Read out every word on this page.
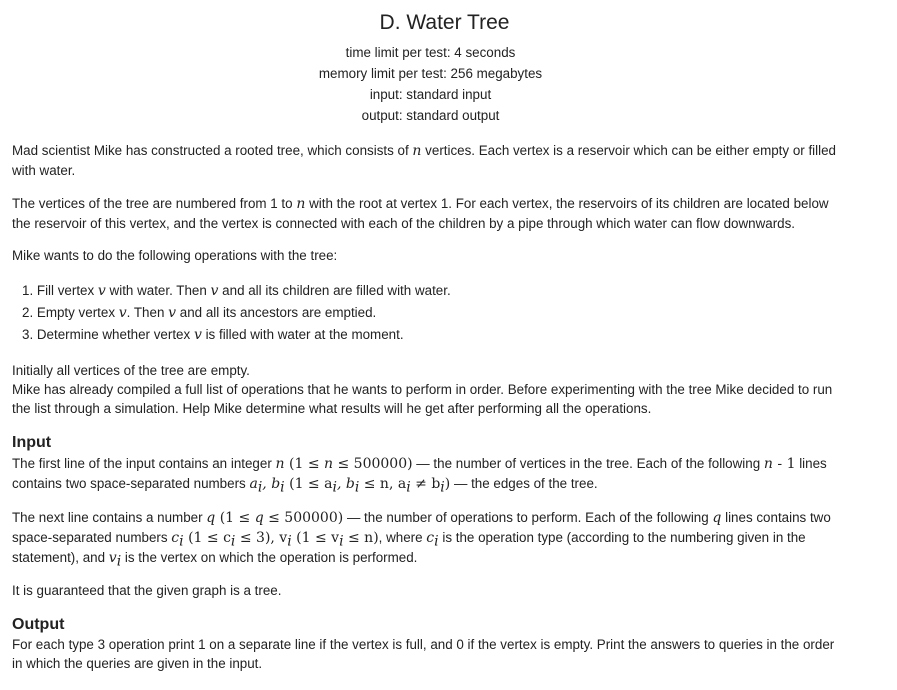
D. Water Tree
time limit per test: 4 seconds
memory limit per test: 256 megabytes
input: standard input
output: standard output
Mad scientist Mike has constructed a rooted tree, which consists of n vertices. Each vertex is a reservoir which can be either empty or filled
with water.
The vertices of the tree are numbered from 1 to n with the root at vertex 1. For each vertex, the reservoirs of its children are located below
the reservoir of this vertex, and the vertex is connected with each of the children by a pipe through which water can flow downwards.
Mike wants to do the following operations with the tree:
1. Fill vertex v with water. Then v and all its children are filled with water.
2. Empty vertex v. Then v and all its ancestors are emptied.
3. Determine whether vertex v is filled with water at the moment.
Initially all vertices of the tree are empty.
Mike has already compiled a full list of operations that he wants to perform in order. Before experimenting with the tree Mike decided to run
the list through a simulation. Help Mike determine what results will he get after performing all the operations.
Input
The first line of the input contains an integer n (1 ≤ n ≤ 500000) — the number of vertices in the tree. Each of the following n - 1 lines
contains two space-separated numbers $a_i$, $b_i$ ($1 \le a_i$, $b_i \le n$, $a_i \ne b_i$) — the edges of the tree.
The next line contains a number q (1 ≤ q ≤ 500000) — the number of operations to perform. Each of the following q lines contains two
space-separated numbers $c_i$ $(1 \le c_i \le 3)$, $v_i$ $(1 \le v_i \le n)$, where $c_i$ is the operation type (according to the numbering given in the
statement), and $v_i$ is the vertex on which the operation is performed.
It is guaranteed that the given graph is a tree.
Output
For each type 3 operation print 1 on a separate line if the vertex is full, and 0 if the vertex is empty. Print the answers to queries in the order
in which the queries are given in the input.
